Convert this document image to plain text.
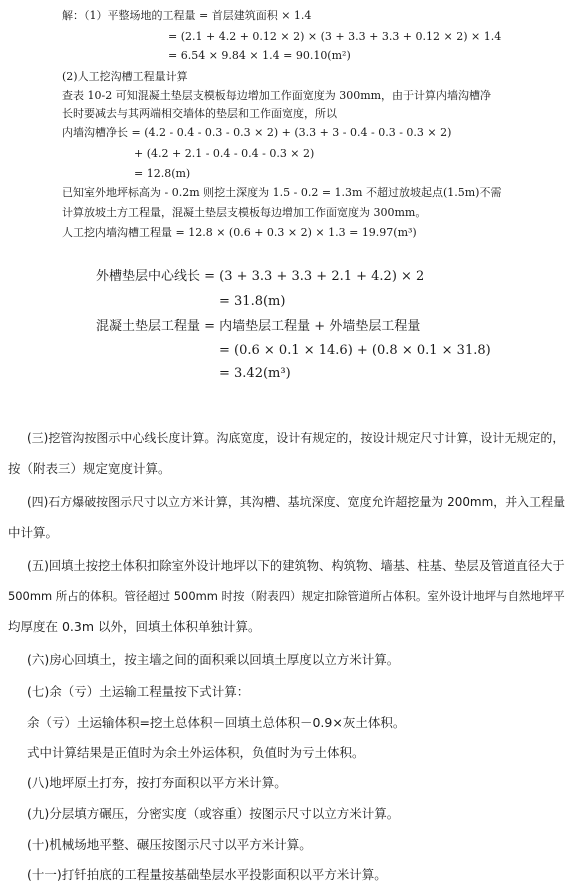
解：（1）平整场地的工程量 = 首层建筑面积 × 1.4
= (2.1 + 4.2 + 0.12 × 2) × (3 + 3.3 + 3.3 + 0.12 × 2) × 1.4
= 6.54 × 9.84 × 1.4 = 90.10(m²)
(2)人工挖沟槽工程量计算
查表 10-2 可知混凝土垫层支模板每边增加工作面宽度为 300mm，由于计算内墙沟槽净
长时要减去与其两端相交墙体的垫层和工作面宽度，所以
内墙沟槽净长 = (4.2 - 0.4 - 0.3 - 0.3 × 2) + (3.3 + 3 - 0.4 - 0.3 - 0.3 × 2)
+ (4.2 + 2.1 - 0.4 - 0.4 - 0.3 × 2)
= 12.8(m)
已知室外地坪标高为 - 0.2m 则挖土深度为 1.5 - 0.2 = 1.3m 不超过放坡起点(1.5m)不需
计算放坡土方工程量，混凝土垫层支模板每边增加工作面宽度为 300mm。
人工挖内墙沟槽工程量 = 12.8 × (0.6 + 0.3 × 2) × 1.3 = 19.97(m³)
外槽垫层中心线长 = (3 + 3.3 + 3.3 + 2.1 + 4.2) × 2
= 31.8(m)
混凝土垫层工程量 = 内墙垫层工程量 + 外墙垫层工程量
= (0.6 × 0.1 × 14.6) + (0.8 × 0.1 × 31.8)
= 3.42(m³)
(三)挖管沟按图示中心线长度计算。沟底宽度，设计有规定的，按设计规定尺寸计算，设计无规定的，
按（附表三）规定宽度计算。
(四)石方爆破按图示尺寸以立方米计算，其沟槽、基坑深度、宽度允许超挖量为 200mm，并入工程量
中计算。
(五)回填土按挖土体积扣除室外设计地坪以下的建筑物、构筑物、墙基、柱基、垫层及管道直径大于
500mm 所占的体积。管径超过 500mm 时按（附表四）规定扣除管道所占体积。室外设计地坪与自然地坪平
均厚度在 0.3m 以外，回填土体积单独计算。
(六)房心回填土，按主墙之间的面积乘以回填土厚度以立方米计算。
(七)余（亏）土运输工程量按下式计算：
余（亏）土运输体积=挖土总体积－回填土总体积－0.9×灰土体积。
式中计算结果是正值时为余土外运体积，负值时为亏土体积。
(八)地坪原土打夯，按打夯面积以平方米计算。
(九)分层填方碾压，分密实度（或容重）按图示尺寸以立方米计算。
(十)机械场地平整、碾压按图示尺寸以平方米计算。
(十一)打钎拍底的工程量按基础垫层水平投影面积以平方米计算。
